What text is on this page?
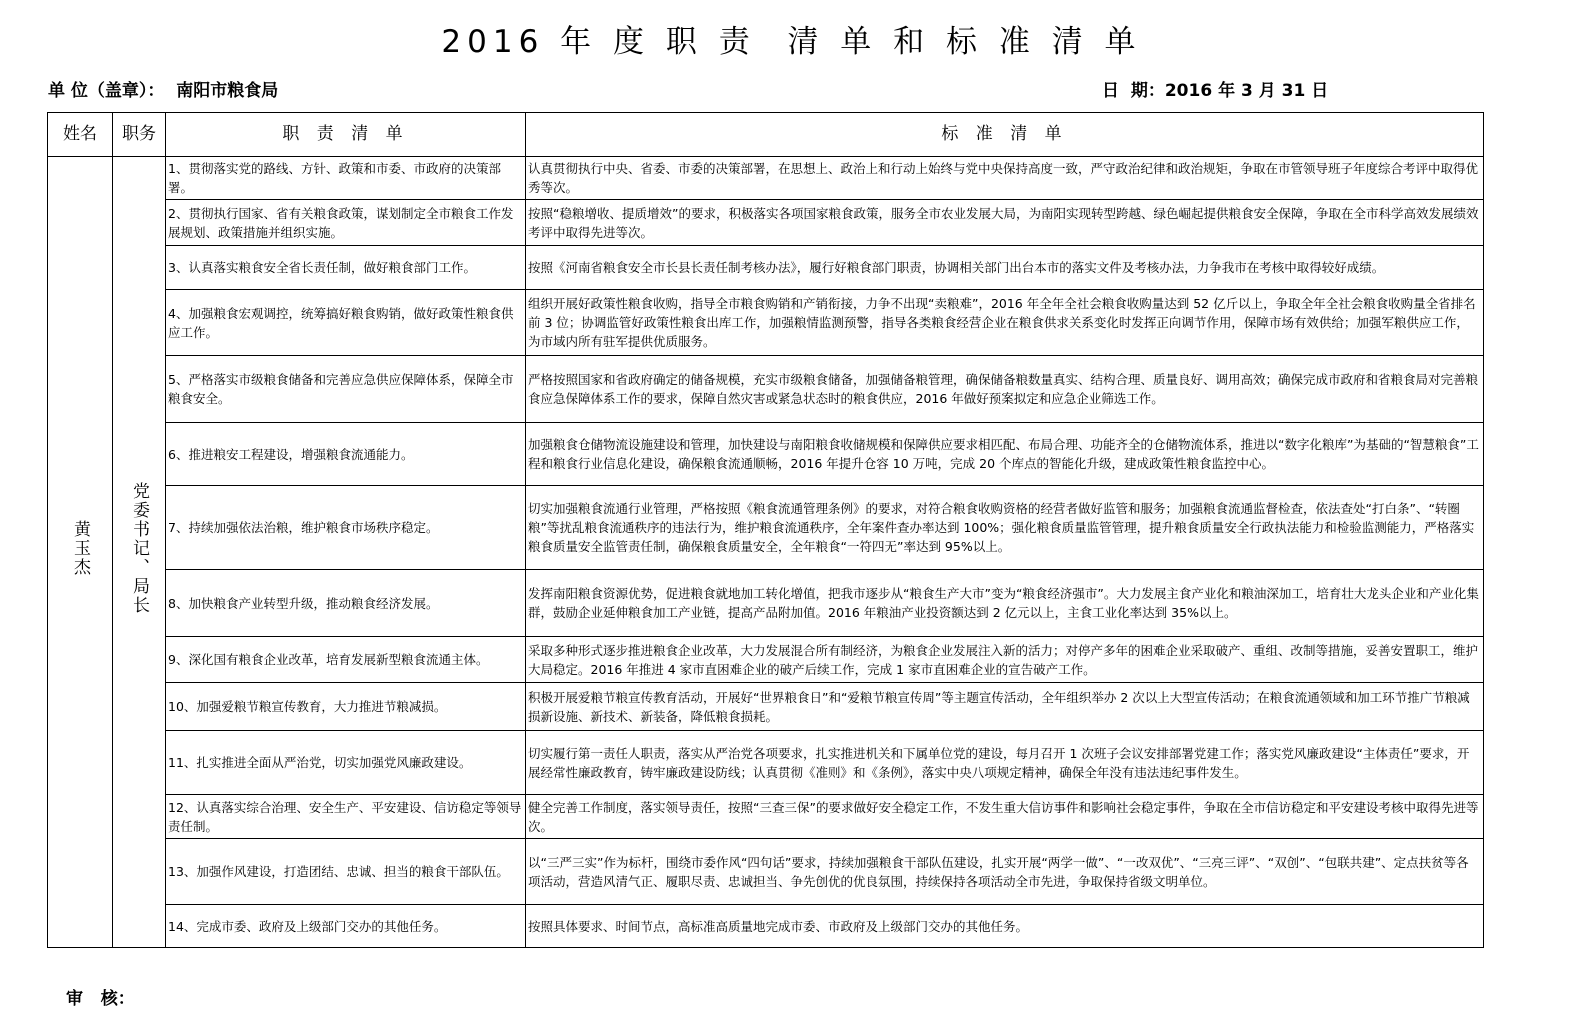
2016 年 度 职 责  清 单 和 标 准 清 单
单 位（盖章）： 南阳市粮食局	日  期：2016 年 3 月 31 日
姓名	职务	职 责 清 单	标 准 清 单
黄玉杰	党委书记、局长	1、贯彻落实党的路线、方针、政策和市委、市政府的决策部署。	认真贯彻执行中央、省委、市委的决策部署，在思想上、政治上和行动上始终与党中央保持高度一致，严守政治纪律和政治规矩，争取在市管领导班子年度综合考评中取得优秀等次。
		2、贯彻执行国家、省有关粮食政策，谋划制定全市粮食工作发展规划、政策措施并组织实施。	按照“稳粮增收、提质增效”的要求，积极落实各项国家粮食政策，服务全市农业发展大局，为南阳实现转型跨越、绿色崛起提供粮食安全保障，争取在全市科学高效发展绩效考评中取得先进等次。
		3、认真落实粮食安全省长责任制，做好粮食部门工作。	按照《河南省粮食安全市长县长责任制考核办法》，履行好粮食部门职责，协调相关部门出台本市的落实文件及考核办法，力争我市在考核中取得较好成绩。
		4、加强粮食宏观调控，统筹搞好粮食购销，做好政策性粮食供应工作。	组织开展好政策性粮食收购，指导全市粮食购销和产销衔接，力争不出现“卖粮难”，2016 年全年全社会粮食收购量达到 52 亿斤以上，争取全年全社会粮食收购量全省排名前 3 位；协调监管好政策性粮食出库工作，加强粮情监测预警，指导各类粮食经营企业在粮食供求关系变化时发挥正向调节作用，保障市场有效供给；加强军粮供应工作，为市域内所有驻军提供优质服务。
		5、严格落实市级粮食储备和完善应急供应保障体系，保障全市粮食安全。	严格按照国家和省政府确定的储备规模，充实市级粮食储备，加强储备粮管理，确保储备粮数量真实、结构合理、质量良好、调用高效；确保完成市政府和省粮食局对完善粮食应急保障体系工作的要求，保障自然灾害或紧急状态时的粮食供应，2016 年做好预案拟定和应急企业筛选工作。
		6、推进粮安工程建设，增强粮食流通能力。	加强粮食仓储物流设施建设和管理，加快建设与南阳粮食收储规模和保障供应要求相匹配、布局合理、功能齐全的仓储物流体系，推进以“数字化粮库”为基础的“智慧粮食”工程和粮食行业信息化建设，确保粮食流通顺畅，2016 年提升仓容 10 万吨，完成 20 个库点的智能化升级，建成政策性粮食监控中心。
		7、持续加强依法治粮，维护粮食市场秩序稳定。	切实加强粮食流通行业管理，严格按照《粮食流通管理条例》的要求，对符合粮食收购资格的经营者做好监管和服务；加强粮食流通监督检查，依法查处“打白条”、“转圈粮”等扰乱粮食流通秩序的违法行为，维护粮食流通秩序，全年案件查办率达到 100%；强化粮食质量监管管理，提升粮食质量安全行政执法能力和检验监测能力，严格落实粮食质量安全监管责任制，确保粮食质量安全，全年粮食“一符四无”率达到 95%以上。
		8、加快粮食产业转型升级，推动粮食经济发展。	发挥南阳粮食资源优势，促进粮食就地加工转化增值，把我市逐步从“粮食生产大市”变为“粮食经济强市”。大力发展主食产业化和粮油深加工，培育壮大龙头企业和产业化集群，鼓励企业延伸粮食加工产业链，提高产品附加值。2016 年粮油产业投资额达到 2 亿元以上，主食工业化率达到 35%以上。
		9、深化国有粮食企业改革，培育发展新型粮食流通主体。	采取多种形式逐步推进粮食企业改革，大力发展混合所有制经济，为粮食企业发展注入新的活力；对停产多年的困难企业采取破产、重组、改制等措施，妥善安置职工，维护大局稳定。2016 年推进 4 家市直困难企业的破产后续工作，完成 1 家市直困难企业的宣告破产工作。
		10、加强爱粮节粮宣传教育，大力推进节粮减损。	积极开展爱粮节粮宣传教育活动，开展好“世界粮食日”和“爱粮节粮宣传周”等主题宣传活动，全年组织举办 2 次以上大型宣传活动；在粮食流通领域和加工环节推广节粮减损新设施、新技术、新装备，降低粮食损耗。
		11、扎实推进全面从严治党，切实加强党风廉政建设。	切实履行第一责任人职责，落实从严治党各项要求，扎实推进机关和下属单位党的建设，每月召开 1 次班子会议安排部署党建工作；落实党风廉政建设“主体责任”要求，开展经常性廉政教育，铸牢廉政建设防线；认真贯彻《准则》和《条例》，落实中央八项规定精神，确保全年没有违法违纪事件发生。
		12、认真落实综合治理、安全生产、平安建设、信访稳定等领导责任制。	健全完善工作制度，落实领导责任，按照“三查三保”的要求做好安全稳定工作，不发生重大信访事件和影响社会稳定事件，争取在全市信访稳定和平安建设考核中取得先进等次。
		13、加强作风建设，打造团结、忠诚、担当的粮食干部队伍。	以“三严三实”作为标杆，围绕市委作风“四句话”要求，持续加强粮食干部队伍建设，扎实开展“两学一做”、“一改双优”、“三亮三评”、“双创”、“包联共建”、定点扶贫等各项活动，营造风清气正、履职尽责、忠诚担当、争先创优的优良氛围，持续保持各项活动全市先进，争取保持省级文明单位。
		14、完成市委、政府及上级部门交办的其他任务。	按照具体要求、时间节点，高标准高质量地完成市委、市政府及上级部门交办的其他任务。
审   核：
